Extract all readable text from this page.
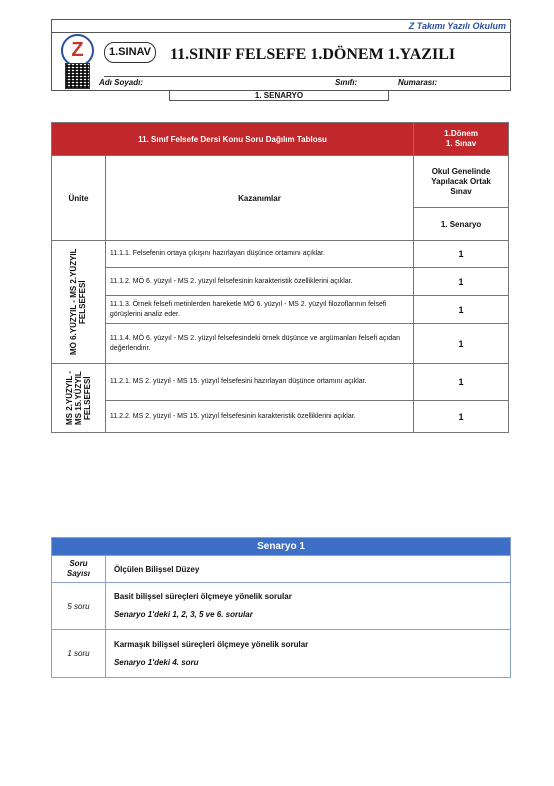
Z Takımı Yazılı Okulum
Z	1.SINAV	11.SINIF FELSEFE 1.DÖNEM 1.YAZILI
Adı Soyadı:	Sınıfı:	Numarası:
1. SENARYO
11. Sınıf Felsefe Dersi Konu Soru Dağılım Tablosu		1.Dönem
1. Sınav

Ünite	Kazanımlar	Okul Genelinde Yapılacak Ortak Sınav
		1. Senaryo

MÖ 6.YÜZYIL - MS 2.YÜZYIL FELSEFESİ	11.1.1. Felsefenin ortaya çıkışını hazırlayan düşünce ortamını açıklar.	1
	11.1.2. MÖ 6. yüzyıl - MS 2. yüzyıl felsefesinin karakteristik özelliklerini açıklar.	1
	11.1.3. Örnek felsefi metinlerden hareketle MÖ 6. yüzyıl - MS 2. yüzyıl filozoflarının felsefi görüşlerini analiz eder.	1
	11.1.4. MÖ 6. yüzyıl - MS 2. yüzyıl felsefesindeki örnek düşünce ve argümanları felsefi açıdan değerlendirir.	1

MS 2.YÜZYIL - MS 15.YÜZYIL FELSEFESİ	11.2.1. MS 2. yüzyıl - MS 15. yüzyıl felsefesini hazırlayan düşünce ortamını açıklar.	1
	11.2.2. MS 2. yüzyıl - MS 15. yüzyıl felsefesinin karakteristik özelliklerini açıklar.	1
Senaryo 1	
Soru Sayısı	Ölçülen Bilişsel Düzey
5 soru	Basit bilişsel süreçleri ölçmeye yönelik sorular
Senaryo 1'deki 1, 2, 3, 5 ve 6. sorular

1 soru	Karmaşık bilişsel süreçleri ölçmeye yönelik sorular
Senaryo 1'deki 4. soru
